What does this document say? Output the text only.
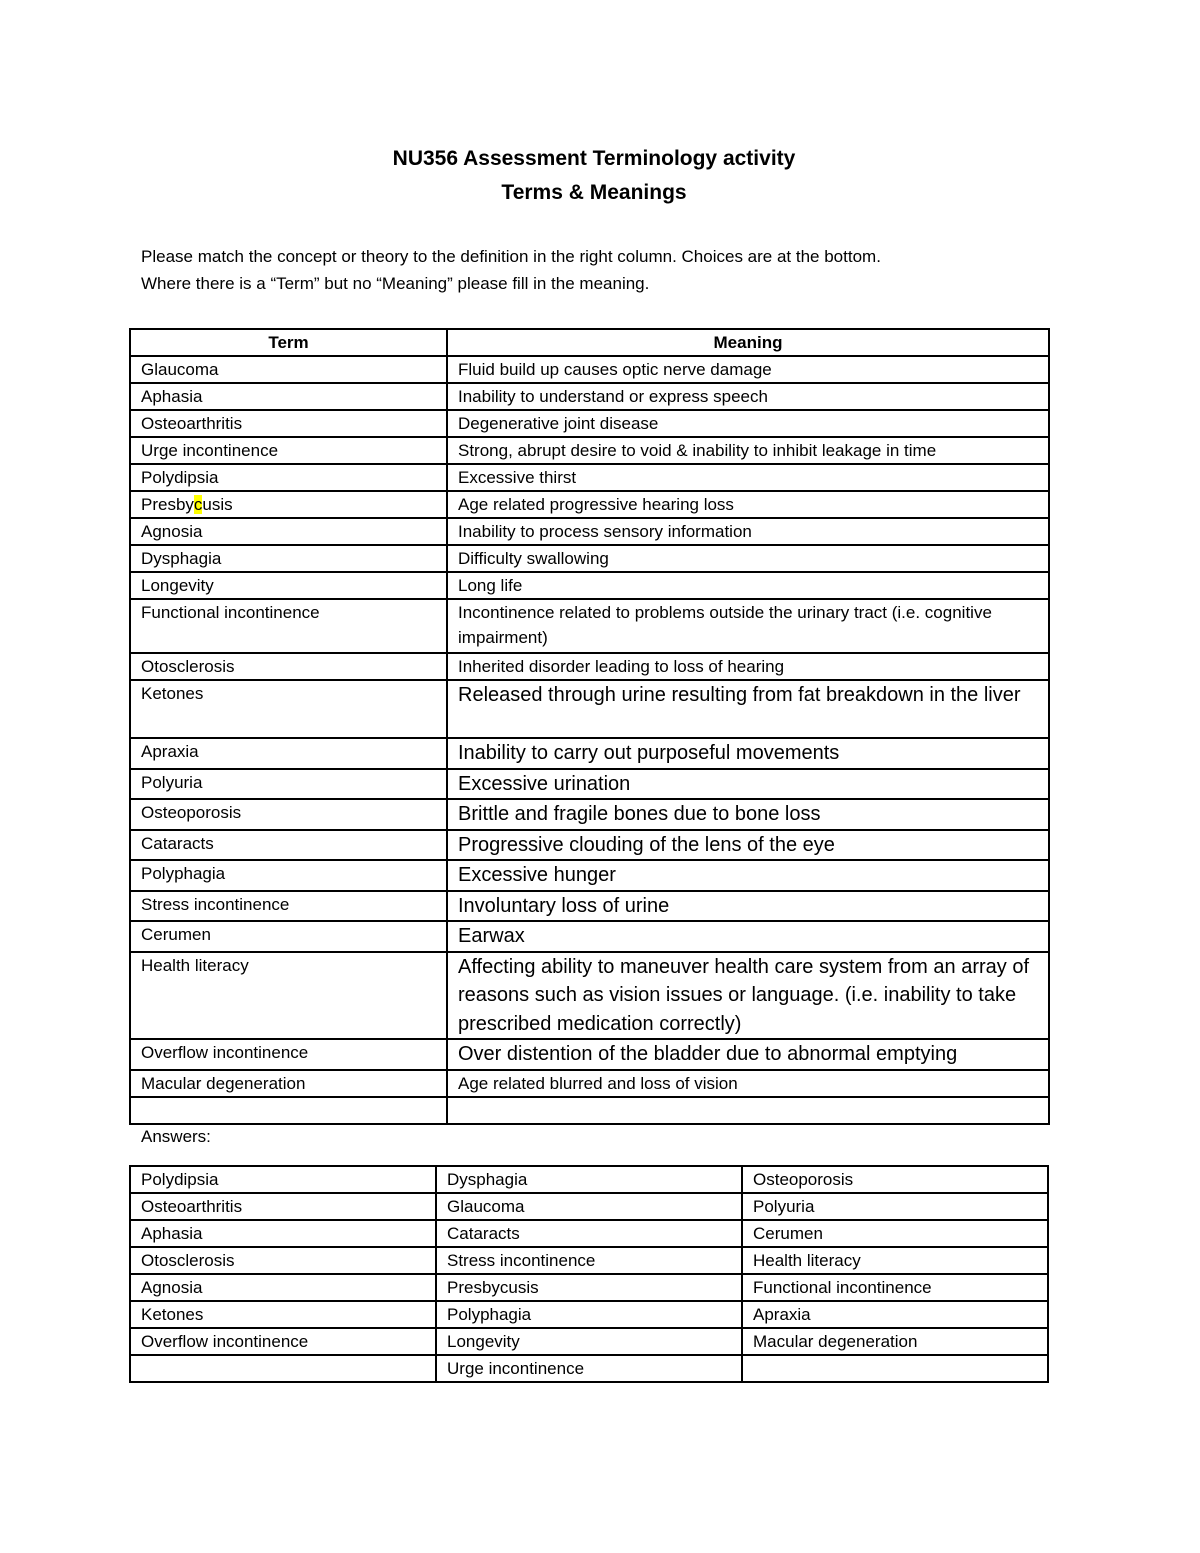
NU356 Assessment Terminology activity
Terms & Meanings
Please match the concept or theory to the definition in the right column. Choices are at the bottom.
Where there is a “Term” but no “Meaning” please fill in the meaning.
Term	Meaning
Glaucoma	Fluid build up causes optic nerve damage
Aphasia	Inability to understand or express speech
Osteoarthritis	Degenerative joint disease
Urge incontinence	Strong, abrupt desire to void & inability to inhibit leakage in time
Polydipsia	Excessive thirst
Presbycusis	Age related progressive hearing loss
Agnosia	Inability to process sensory information
Dysphagia	Difficulty swallowing
Longevity	Long life
Functional incontinence	Incontinence related to problems outside the urinary tract (i.e. cognitive impairment)
Otosclerosis	Inherited disorder leading to loss of hearing
Ketones	Released through urine resulting from fat breakdown in the liver
Apraxia	Inability to carry out purposeful movements
Polyuria	Excessive urination
Osteoporosis	Brittle and fragile bones due to bone loss
Cataracts	Progressive clouding of the lens of the eye
Polyphagia	Excessive hunger
Stress incontinence	Involuntary loss of urine
Cerumen	Earwax
Health literacy	Affecting ability to maneuver health care system from an array of reasons such as vision issues or language. (i.e. inability to take prescribed medication correctly)
Overflow incontinence	Over distention of the bladder due to abnormal emptying
Macular degeneration	Age related blurred and loss of vision

Answers:
Polydipsia	Dysphagia	Osteoporosis
Osteoarthritis	Glaucoma	Polyuria
Aphasia	Cataracts	Cerumen
Otosclerosis	Stress incontinence	Health literacy
Agnosia	Presbycusis	Functional incontinence
Ketones	Polyphagia	Apraxia
Overflow incontinence	Longevity	Macular degeneration
	Urge incontinence	
